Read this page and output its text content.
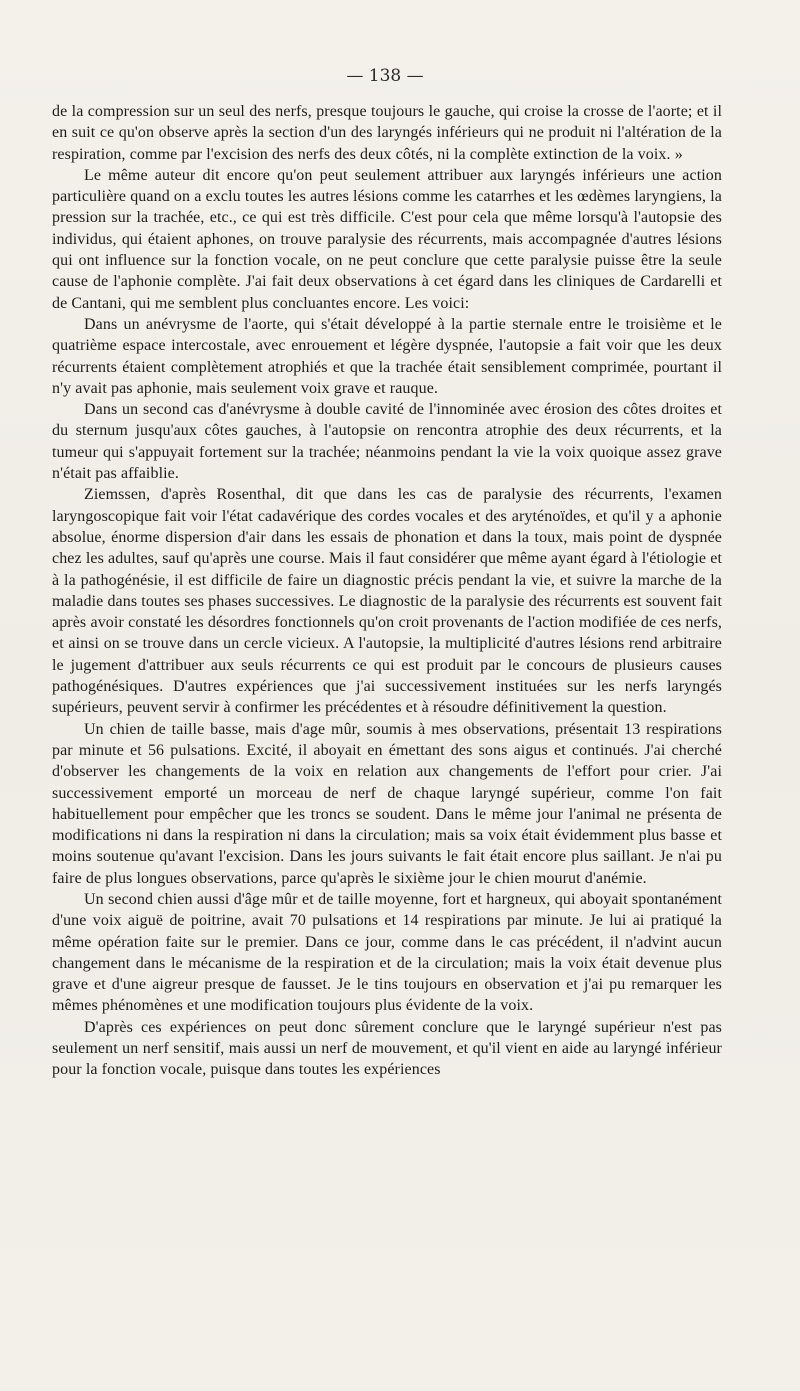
— 138 —

de la compression sur un seul des nerfs, presque toujours le gauche, qui croise la crosse de l'aorte; et il en suit ce qu'on observe après la section d'un des laryngés inférieurs qui ne produit ni l'altération de la respiration, comme par l'excision des nerfs des deux côtés, ni la complète extinction de la voix. »

Le même auteur dit encore qu'on peut seulement attribuer aux laryngés inférieurs une action particulière quand on a exclu toutes les autres lésions comme les catarrhes et les œdèmes laryngiens, la pression sur la trachée, etc., ce qui est très difficile. C'est pour cela que même lorsqu'à l'autopsie des individus, qui étaient aphones, on trouve paralysie des récurrents, mais accompagnée d'autres lésions qui ont influence sur la fonction vocale, on ne peut conclure que cette paralysie puisse être la seule cause de l'aphonie complète. J'ai fait deux observations à cet égard dans les cliniques de Cardarelli et de Cantani, qui me semblent plus concluantes encore. Les voici:

Dans un anévrysme de l'aorte, qui s'était développé à la partie sternale entre le troisième et le quatrième espace intercostale, avec enrouement et légère dyspnée, l'autopsie a fait voir que les deux récurrents étaient complètement atrophiés et que la trachée était sensiblement comprimée, pourtant il n'y avait pas aphonie, mais seulement voix grave et rauque.

Dans un second cas d'anévrysme à double cavité de l'innominée avec érosion des côtes droites et du sternum jusqu'aux côtes gauches, à l'autopsie on rencontra atrophie des deux récurrents, et la tumeur qui s'appuyait fortement sur la trachée; néanmoins pendant la vie la voix quoique assez grave n'était pas affaiblie.

Ziemssen, d'après Rosenthal, dit que dans les cas de paralysie des récurrents, l'examen laryngoscopique fait voir l'état cadavérique des cordes vocales et des aryténoïdes, et qu'il y a aphonie absolue, énorme dispersion d'air dans les essais de phonation et dans la toux, mais point de dyspnée chez les adultes, sauf qu'après une course. Mais il faut considérer que même ayant égard à l'étiologie et à la pathogénésie, il est difficile de faire un diagnostic précis pendant la vie, et suivre la marche de la maladie dans toutes ses phases successives. Le diagnostic de la paralysie des récurrents est souvent fait après avoir constaté les désordres fonctionnels qu'on croit provenants de l'action modifiée de ces nerfs, et ainsi on se trouve dans un cercle vicieux. A l'autopsie, la multiplicité d'autres lésions rend arbitraire le jugement d'attribuer aux seuls récurrents ce qui est produit par le concours de plusieurs causes pathogénésiques. D'autres expériences que j'ai successivement instituées sur les nerfs laryngés supérieurs, peuvent servir à confirmer les précédentes et à résoudre définitivement la question.

Un chien de taille basse, mais d'age mûr, soumis à mes observations, présentait 13 respirations par minute et 56 pulsations. Excité, il aboyait en émettant des sons aigus et continués. J'ai cherché d'observer les changements de la voix en relation aux changements de l'effort pour crier. J'ai successivement emporté un morceau de nerf de chaque laryngé supérieur, comme l'on fait habituellement pour empêcher que les troncs se soudent. Dans le même jour l'animal ne présenta de modifications ni dans la respiration ni dans la circulation; mais sa voix était évidemment plus basse et moins soutenue qu'avant l'excision. Dans les jours suivants le fait était encore plus saillant. Je n'ai pu faire de plus longues observations, parce qu'après le sixième jour le chien mourut d'anémie.

Un second chien aussi d'âge mûr et de taille moyenne, fort et hargneux, qui aboyait spontanément d'une voix aiguë de poitrine, avait 70 pulsations et 14 respirations par minute. Je lui ai pratiqué la même opération faite sur le premier. Dans ce jour, comme dans le cas précédent, il n'advint aucun changement dans le mécanisme de la respiration et de la circulation; mais la voix était devenue plus grave et d'une aigreur presque de fausset. Je le tins toujours en observation et j'ai pu remarquer les mêmes phénomènes et une modification toujours plus évidente de la voix.

D'après ces expériences on peut donc sûrement conclure que le laryngé supérieur n'est pas seulement un nerf sensitif, mais aussi un nerf de mouvement, et qu'il vient en aide au laryngé inférieur pour la fonction vocale, puisque dans toutes les expériences
